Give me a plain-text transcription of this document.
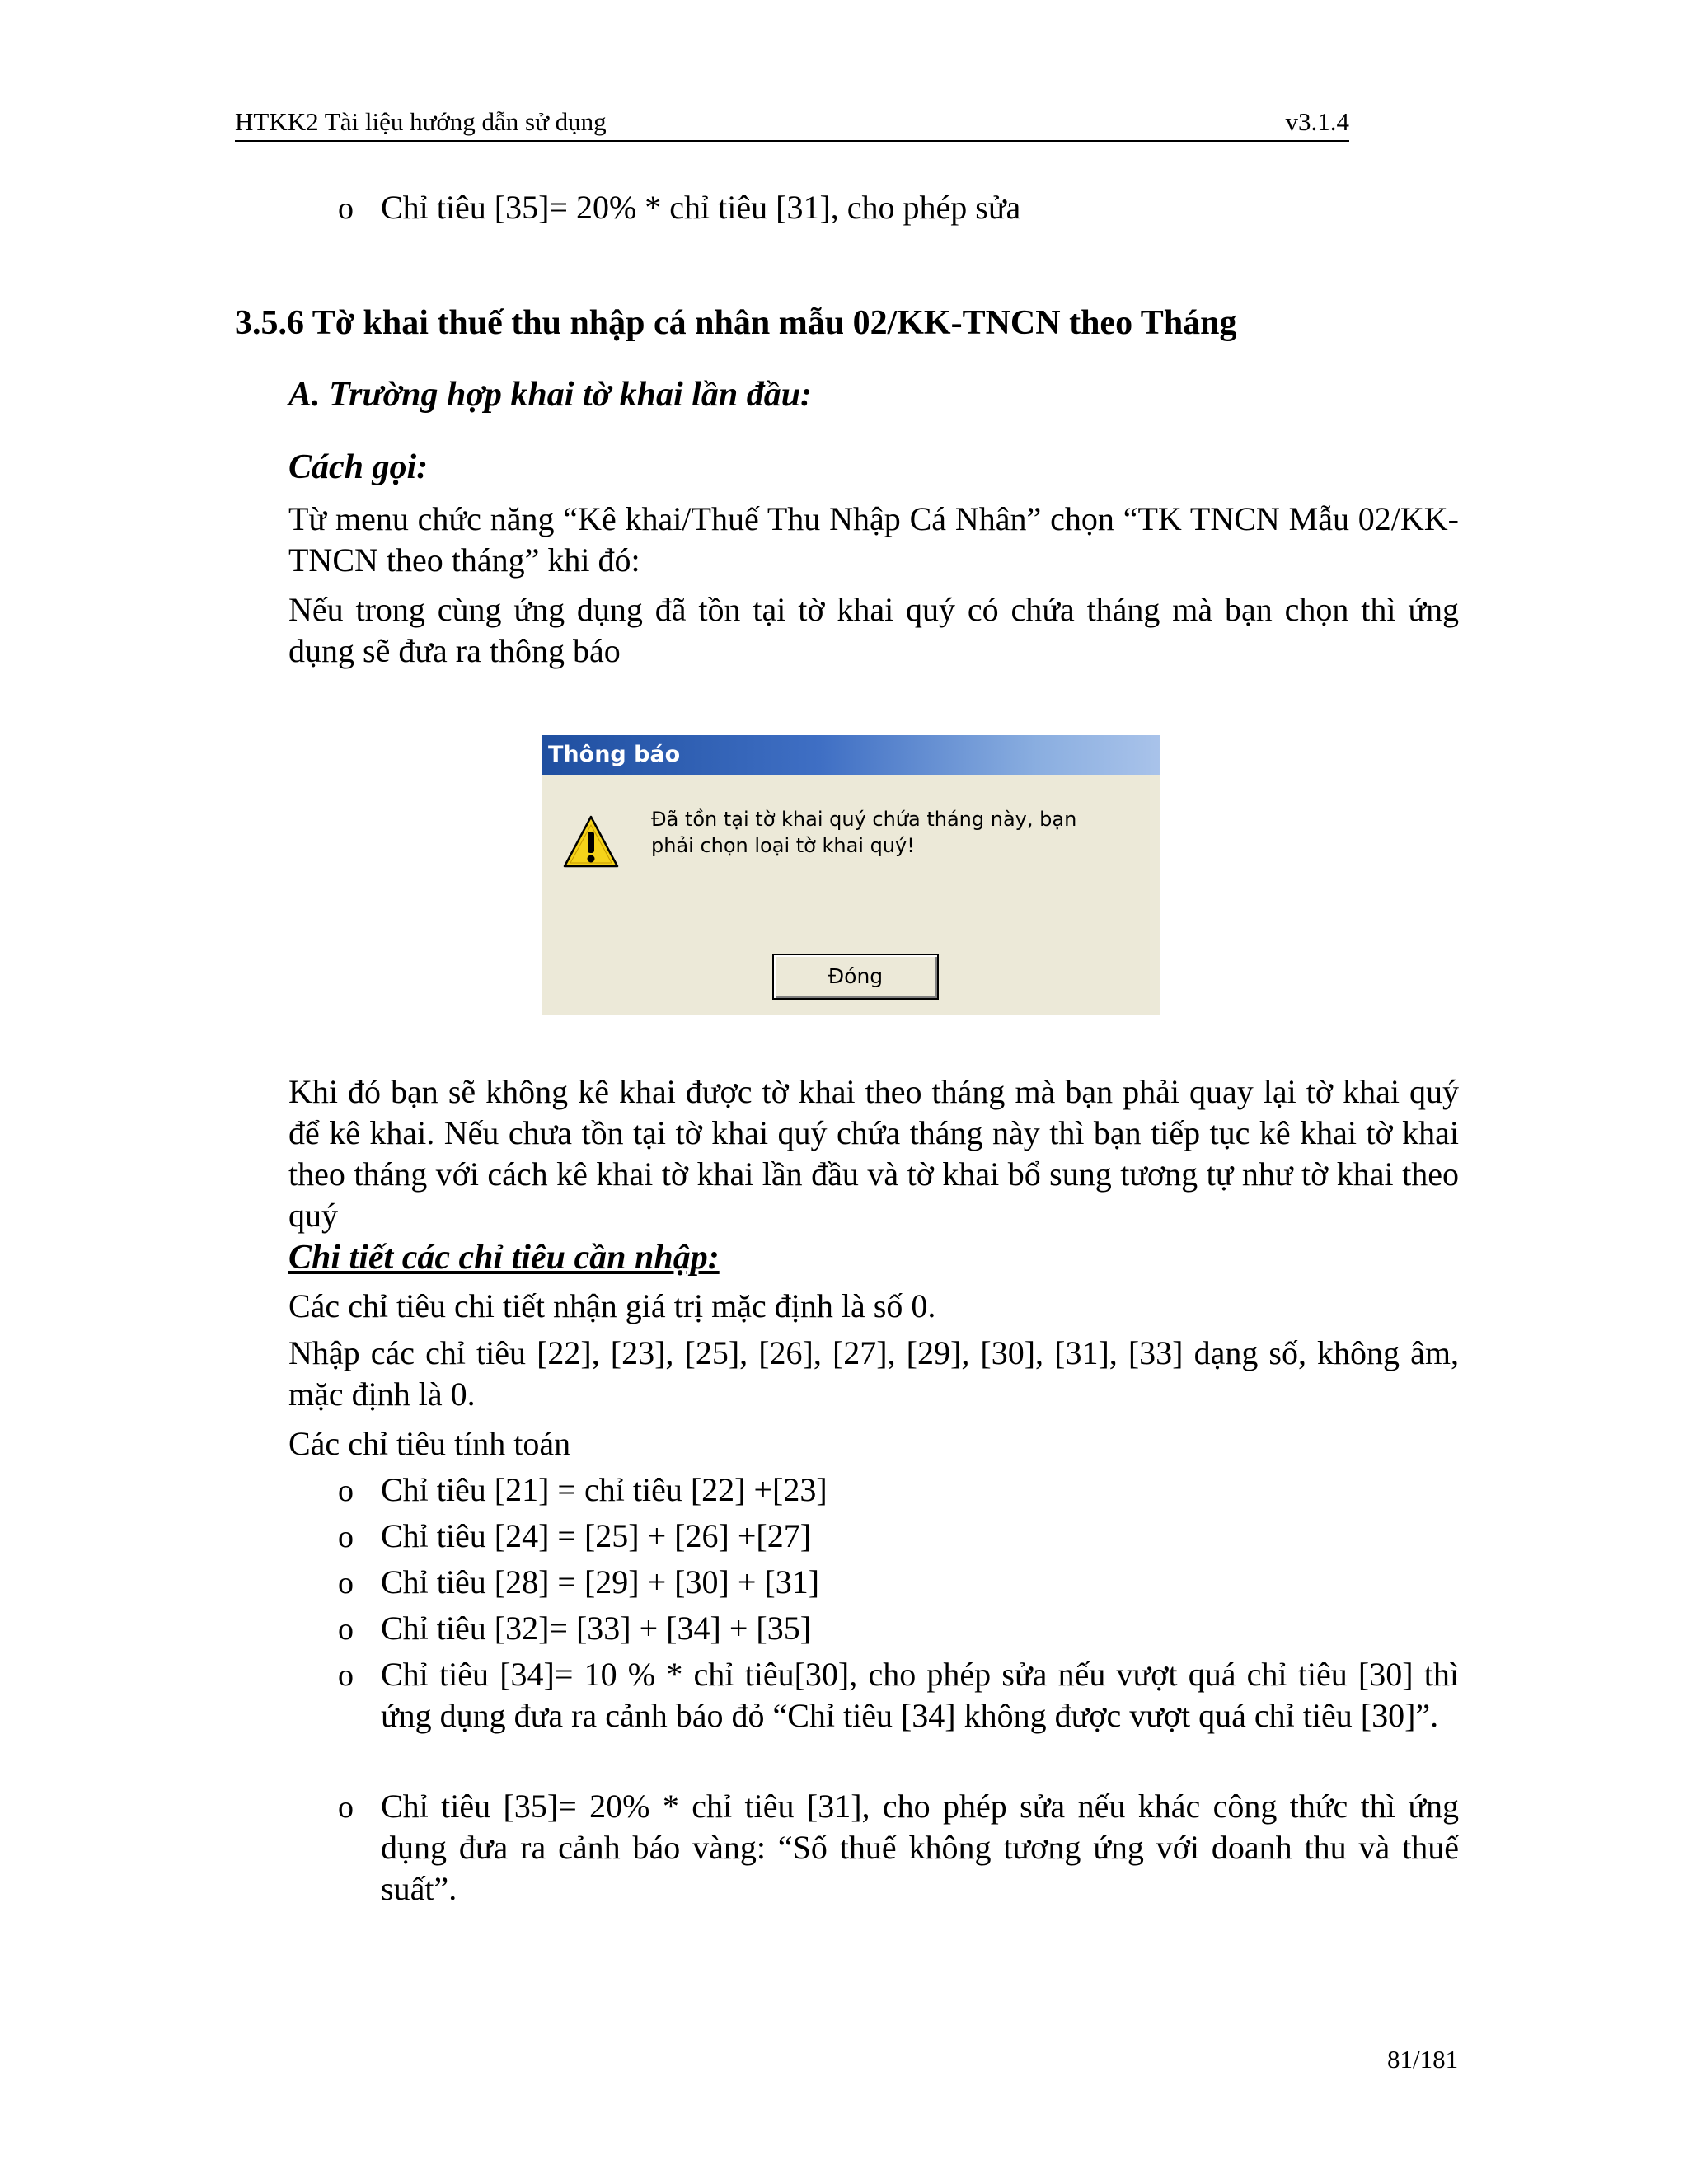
HTKK2 Tài liệu hướng dẫn sử dụng	v3.1.4
o Chỉ tiêu [35]= 20% * chỉ tiêu [31], cho phép sửa
3.5.6 Tờ khai thuế thu nhập cá nhân mẫu 02/KK-TNCN theo Tháng
A. Trường hợp khai tờ khai lần đầu:
Cách gọi:
Từ menu chức năng “Kê khai/Thuế Thu Nhập Cá Nhân” chọn “TK TNCN Mẫu 02/KK-TNCN theo tháng” khi đó:
Nếu trong cùng ứng dụng đã tồn tại tờ khai quý có chứa tháng mà bạn chọn thì ứng dụng sẽ đưa ra thông báo
Thông báo
Đã tồn tại tờ khai quý chứa tháng này, bạn phải chọn loại tờ khai quý!
Đóng
Khi đó bạn sẽ không kê khai được tờ khai theo tháng mà bạn phải quay lại tờ khai quý để kê khai. Nếu chưa tồn tại tờ khai quý chứa tháng này thì bạn tiếp tục kê khai tờ khai theo tháng với cách kê khai tờ khai lần đầu và tờ khai bổ sung tương tự như tờ khai theo quý
Chi tiết các chỉ tiêu cần nhập:
Các chỉ tiêu chi tiết nhận giá trị mặc định là số 0.
Nhập các chỉ tiêu [22], [23], [25], [26], [27], [29], [30], [31], [33] dạng số, không âm, mặc định là 0.
Các chỉ tiêu tính toán
o Chỉ tiêu [21] = chỉ tiêu [22] +[23]
o Chỉ tiêu [24] = [25] + [26] +[27]
o Chỉ tiêu [28] = [29] + [30] + [31]
o Chỉ tiêu [32]= [33] + [34] + [35]
o Chỉ tiêu [34]= 10 % * chỉ tiêu[30], cho phép sửa nếu vượt quá chỉ tiêu [30] thì ứng dụng đưa ra cảnh báo đỏ “Chỉ tiêu [34] không được vượt quá chỉ tiêu [30]”.
o Chỉ tiêu [35]= 20% * chỉ tiêu [31], cho phép sửa nếu khác công thức thì ứng dụng đưa ra cảnh báo vàng: “Số thuế không tương ứng với doanh thu và thuế suất”.
81/181
